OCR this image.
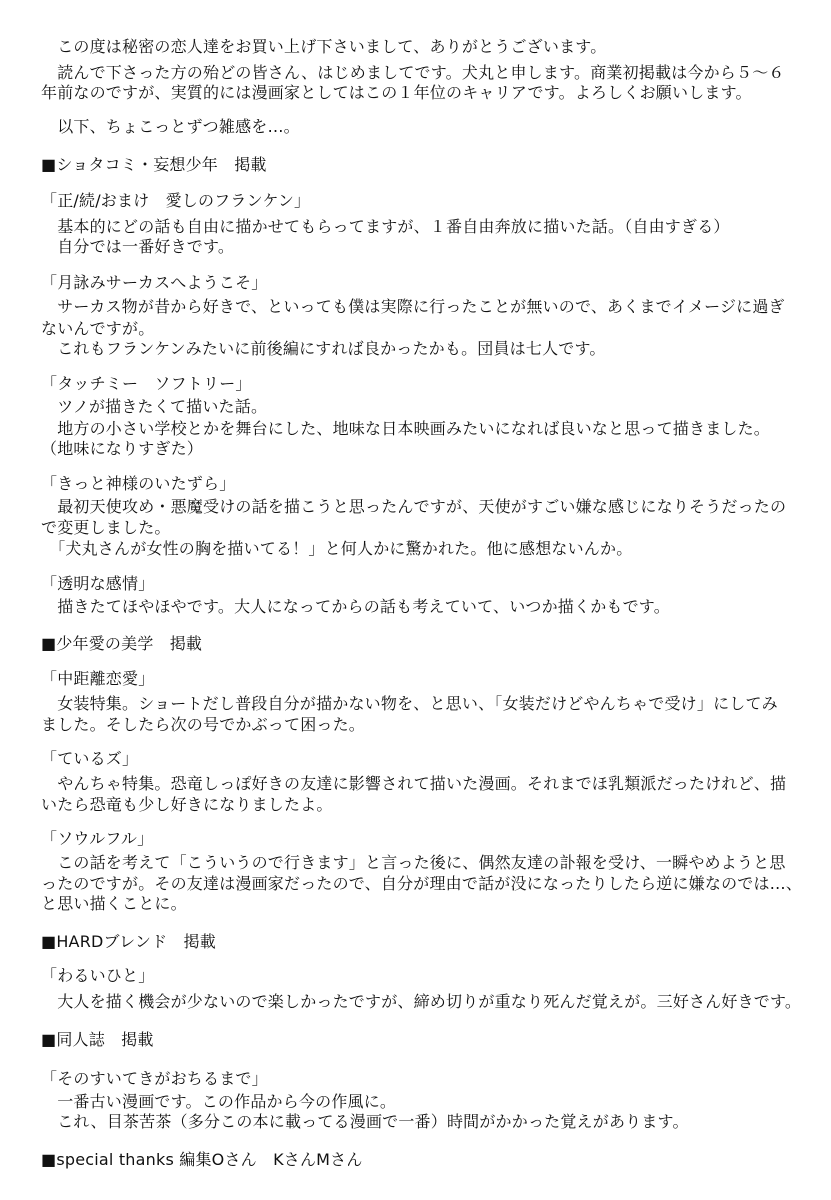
　この度は秘密の恋人達をお買い上げ下さいまして、ありがとうございます。
　読んで下さった方の殆どの皆さん、はじめましてです。犬丸と申します。商業初掲載は今から５〜６
年前なのですが、実質的には漫画家としてはこの１年位のキャリアです。よろしくお願いします。
　以下、ちょこっとずつ雑感を…。
■ショタコミ・妄想少年　掲載
「正/続/おまけ　愛しのフランケン」
　基本的にどの話も自由に描かせてもらってますが、１番自由奔放に描いた話。（自由すぎる）
　自分では一番好きです。
「月詠みサーカスへようこそ」
　サーカス物が昔から好きで、といっても僕は実際に行ったことが無いので、あくまでイメージに過ぎ
ないんですが。
　これもフランケンみたいに前後編にすれば良かったかも。団員は七人です。
「タッチミー　ソフトリー」
　ツノが描きたくて描いた話。
　地方の小さい学校とかを舞台にした、地味な日本映画みたいになれば良いなと思って描きました。
（地味になりすぎた）
「きっと神様のいたずら」
　最初天使攻め・悪魔受けの話を描こうと思ったんですが、天使がすごい嫌な感じになりそうだったの
で変更しました。
　「犬丸さんが女性の胸を描いてる！」と何人かに驚かれた。他に感想ないんか。
「透明な感情」
　描きたてほやほやです。大人になってからの話も考えていて、いつか描くかもです。
■少年愛の美学　掲載
「中距離恋愛」
　女装特集。ショートだし普段自分が描かない物を、と思い、「女装だけどやんちゃで受け」にしてみ
ました。そしたら次の号でかぶって困った。
「ているズ」
　やんちゃ特集。恐竜しっぽ好きの友達に影響されて描いた漫画。それまでほ乳類派だったけれど、描
いたら恐竜も少し好きになりましたよ。
「ソウルフル」
　この話を考えて「こういうので行きます」と言った後に、偶然友達の訃報を受け、一瞬やめようと思
ったのですが。その友達は漫画家だったので、自分が理由で話が没になったりしたら逆に嫌なのでは…、
と思い描くことに。
■HARDブレンド　掲載
「わるいひと」
　大人を描く機会が少ないので楽しかったですが、締め切りが重なり死んだ覚えが。三好さん好きです。
■同人誌　掲載
「そのすいてきがおちるまで」
　一番古い漫画です。この作品から今の作風に。
　これ、目茶苦茶（多分この本に載ってる漫画で一番）時間がかかった覚えがあります。
■special thanks 編集Oさん　KさんMさん
